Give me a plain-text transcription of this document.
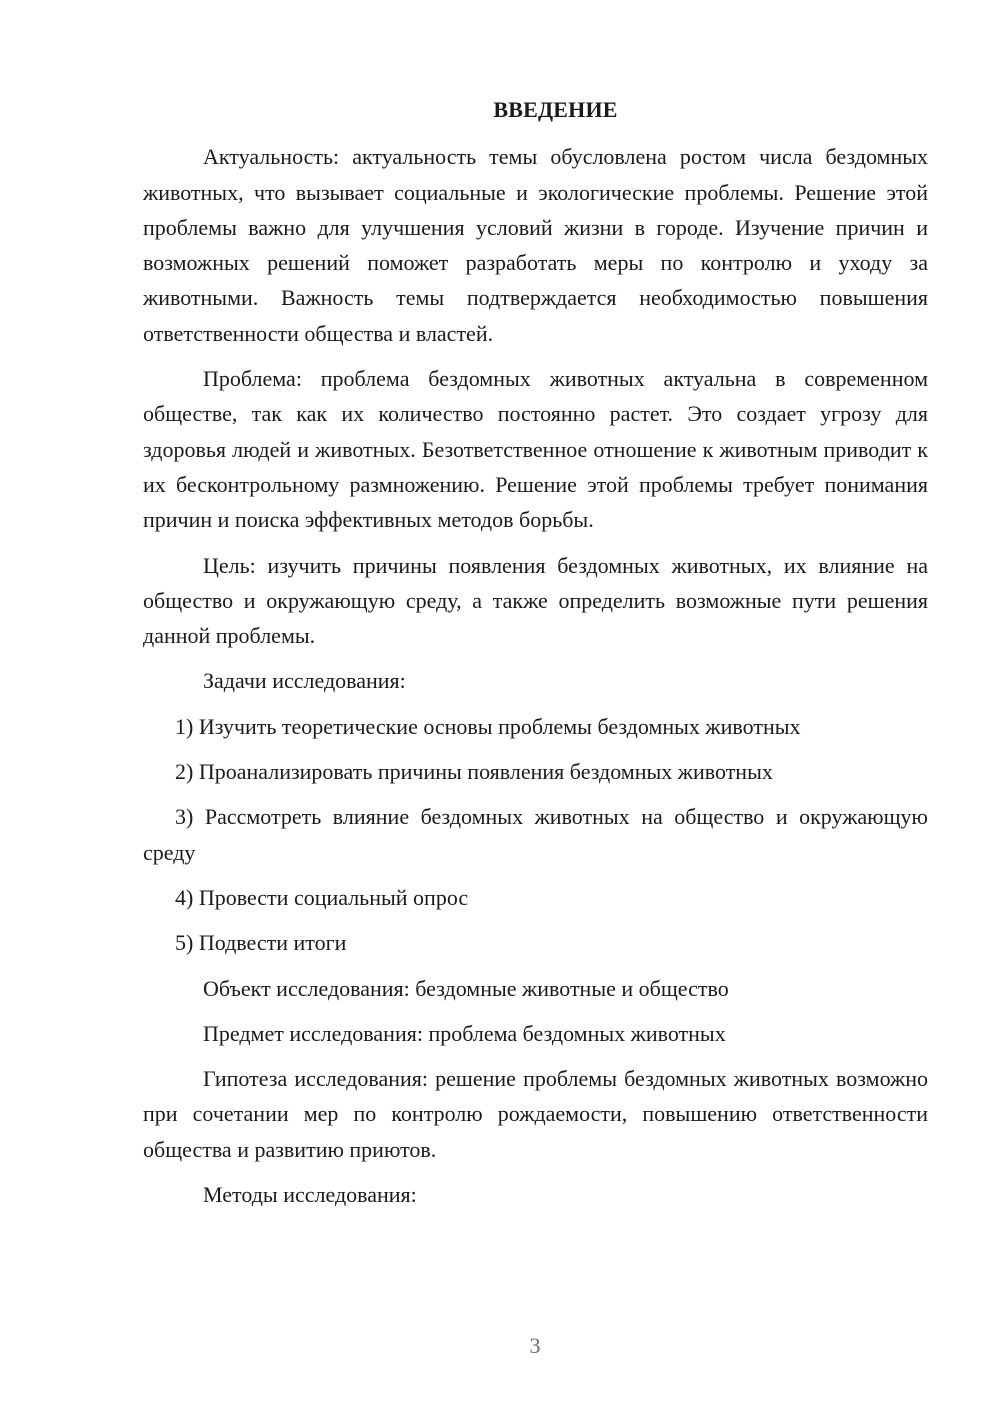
ВВЕДЕНИЕ

Актуальность: актуальность темы обусловлена ростом числа бездомных животных, что вызывает социальные и экологические проблемы. Решение этой проблемы важно для улучшения условий жизни в городе. Изучение причин и возможных решений поможет разработать меры по контролю и уходу за животными. Важность темы подтверждается необходимостью повышения ответственности общества и властей.

Проблема: проблема бездомных животных актуальна в современном обществе, так как их количество постоянно растет. Это создает угрозу для здоровья людей и животных. Безответственное отношение к животным приводит к их бесконтрольному размножению. Решение этой проблемы требует понимания причин и поиска эффективных методов борьбы.

Цель: изучить причины появления бездомных животных, их влияние на общество и окружающую среду, а также определить возможные пути решения данной проблемы.

Задачи исследования:

1) Изучить теоретические основы проблемы бездомных животных

2) Проанализировать причины появления бездомных животных

3) Рассмотреть влияние бездомных животных на общество и окружающую среду

4) Провести социальный опрос

5) Подвести итоги

Объект исследования: бездомные животные и общество

Предмет исследования: проблема бездомных животных

Гипотеза исследования: решение проблемы бездомных животных возможно при сочетании мер по контролю рождаемости, повышению ответственности общества и развитию приютов.

Методы исследования:

3
